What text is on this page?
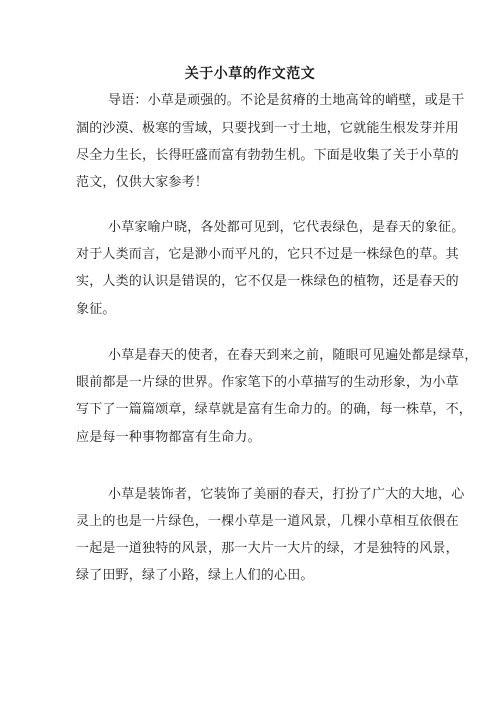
关于小草的作文范文
导语：小草是顽强的。不论是贫瘠的土地高耸的峭壁，或是干
涸的沙漠、极寒的雪域，只要找到一寸土地，它就能生根发芽并用
尽全力生长，长得旺盛而富有勃勃生机。下面是收集了关于小草的
范文，仅供大家参考！
小草家喻户晓，各处都可见到，它代表绿色，是春天的象征。
对于人类而言，它是渺小而平凡的，它只不过是一株绿色的草。其
实，人类的认识是错误的，它不仅是一株绿色的植物，还是春天的
象征。
小草是春天的使者，在春天到来之前，随眼可见遍处都是绿草，
眼前都是一片绿的世界。作家笔下的小草描写的生动形象，为小草
写下了一篇篇颂章，绿草就是富有生命力的。的确，每一株草，不，
应是每一种事物都富有生命力。
小草是装饰者，它装饰了美丽的春天，打扮了广大的大地，心
灵上的也是一片绿色，一棵小草是一道风景，几棵小草相互依偎在
一起是一道独特的风景，那一大片一大片的绿，才是独特的风景，
绿了田野，绿了小路，绿上人们的心田。
